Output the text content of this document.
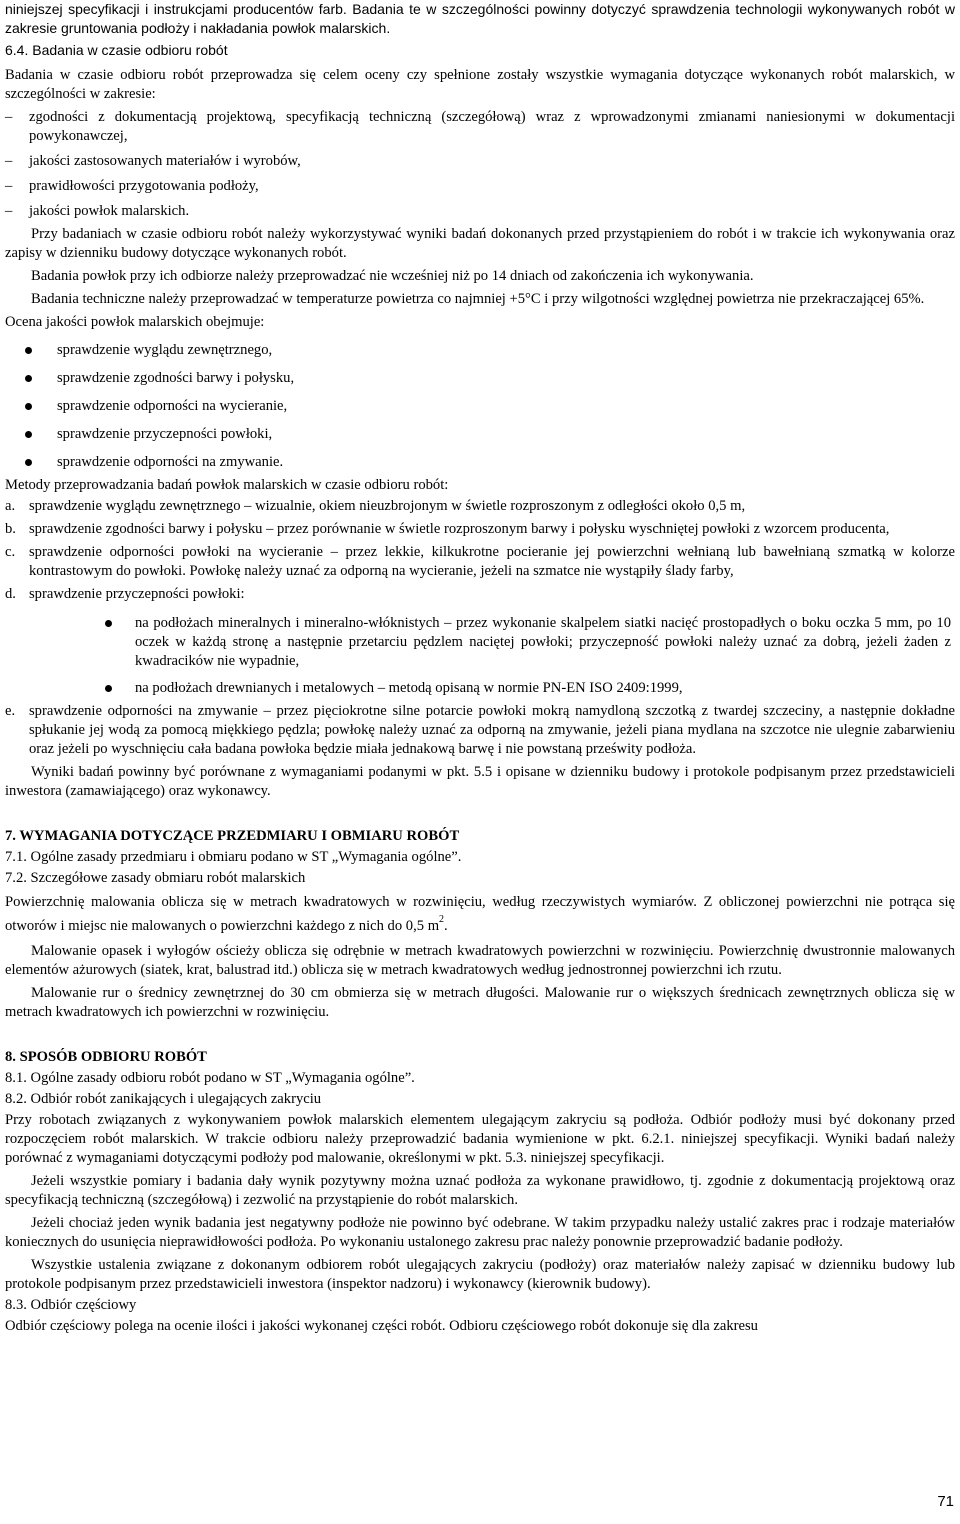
niniejszej specyfikacji i instrukcjami producentów farb. Badania te w szczególności powinny dotyczyć sprawdzenia technologii wykonywanych robót w zakresie gruntowania podłoży i nakładania powłok malarskich.

6.4. Badania w czasie odbioru robót

Badania w czasie odbioru robót przeprowadza się celem oceny czy spełnione zostały wszystkie wymagania dotyczące wykonanych robót malarskich, w szczególności w zakresie:

–	zgodności z dokumentacją projektową, specyfikacją techniczną (szczegółową) wraz z wprowadzonymi zmianami naniesionymi w dokumentacji powykonawczej,

–	jakości zastosowanych materiałów i wyrobów,

–	prawidłowości przygotowania podłoży,

–	jakości powłok malarskich.

Przy badaniach w czasie odbioru robót należy wykorzystywać wyniki badań dokonanych przed przystąpieniem do robót i w trakcie ich wykonywania oraz zapisy w dzienniku budowy dotyczące wykonanych robót.

Badania powłok przy ich odbiorze należy przeprowadzać nie wcześniej niż po 14 dniach od zakończenia ich wykonywania.

Badania techniczne należy przeprowadzać w temperaturze powietrza co najmniej +5°C i przy wilgotności względnej powietrza nie przekraczającej 65%.

Ocena jakości powłok malarskich obejmuje:

sprawdzenie wyglądu zewnętrznego,

sprawdzenie zgodności barwy i połysku,

sprawdzenie odporności na wycieranie,

sprawdzenie przyczepności powłoki,

sprawdzenie odporności na zmywanie.

Metody przeprowadzania badań powłok malarskich w czasie odbioru robót:

a. sprawdzenie wyglądu zewnętrznego – wizualnie, okiem nieuzbrojonym w świetle rozproszonym z odległości około 0,5 m,

b. sprawdzenie zgodności barwy i połysku – przez porównanie w świetle rozproszonym barwy i połysku wyschniętej powłoki z wzorcem producenta,

c. sprawdzenie odporności powłoki na wycieranie – przez lekkie, kilkukrotne pocieranie jej powierzchni wełnianą lub bawełnianą szmatką w kolorze kontrastowym do powłoki. Powłokę należy uznać za odporną na wycieranie, jeżeli na szmatce nie wystąpiły ślady farby,

d. sprawdzenie przyczepności powłoki:

na podłożach mineralnych i mineralno-włóknistych – przez wykonanie skalpelem siatki nacięć prostopadłych o boku oczka 5 mm, po 10 oczek w każdą stronę a następnie przetarciu pędzlem naciętej powłoki; przyczepność powłoki należy uznać za dobrą, jeżeli żaden z kwadracików nie wypadnie,

na podłożach drewnianych i metalowych – metodą opisaną w normie PN-EN ISO 2409:1999,

e. sprawdzenie odporności na zmywanie – przez pięciokrotne silne potarcie powłoki mokrą namydloną szczotką z twardej szczeciny, a następnie dokładne spłukanie jej wodą za pomocą miękkiego pędzla; powłokę należy uznać za odporną na zmywanie, jeżeli piana mydlana na szczotce nie ulegnie zabarwieniu oraz jeżeli po wyschnięciu cała badana powłoka będzie miała jednakową barwę i nie powstaną prześwity podłoża.

Wyniki badań powinny być porównane z wymaganiami podanymi w pkt. 5.5 i opisane w dzienniku budowy i protokole podpisanym przez przedstawicieli inwestora (zamawiającego) oraz wykonawcy.

7. WYMAGANIA DOTYCZĄCE PRZEDMIARU I OBMIARU ROBÓT

7.1. Ogólne zasady przedmiaru i obmiaru podano w ST „Wymagania ogólne”.

7.2. Szczegółowe zasady obmiaru robót malarskich

Powierzchnię malowania oblicza się w metrach kwadratowych w rozwinięciu, według rzeczywistych wymiarów. Z obliczonej powierzchni nie potrąca się otworów i miejsc nie malowanych o powierzchni każdego z nich do 0,5 $m^2$.

Malowanie opasek i wyłogów ościeży oblicza się odrębnie w metrach kwadratowych powierzchni w rozwinięciu. Powierzchnię dwustronnie malowanych elementów ażurowych (siatek, krat, balustrad itd.) oblicza się w metrach kwadratowych według jednostronnej powierzchni ich rzutu.

Malowanie rur o średnicy zewnętrznej do 30 cm obmierza się w metrach długości. Malowanie rur o większych średnicach zewnętrznych oblicza się w metrach kwadratowych ich powierzchni w rozwinięciu.

8. SPOSÓB ODBIORU ROBÓT

8.1. Ogólne zasady odbioru robót podano w ST „Wymagania ogólne”.

8.2. Odbiór robót zanikających i ulegających zakryciu

Przy robotach związanych z wykonywaniem powłok malarskich elementem ulegającym zakryciu są podłoża. Odbiór podłoży musi być dokonany przed rozpoczęciem robót malarskich. W trakcie odbioru należy przeprowadzić badania wymienione w pkt. 6.2.1. niniejszej specyfikacji. Wyniki badań należy porównać z wymaganiami dotyczącymi podłoży pod malowanie, określonymi w pkt. 5.3. niniejszej specyfikacji.

Jeżeli wszystkie pomiary i badania dały wynik pozytywny można uznać podłoża za wykonane prawidłowo, tj. zgodnie z dokumentacją projektową oraz specyfikacją techniczną (szczegółową) i zezwolić na przystąpienie do robót malarskich.

Jeżeli chociaż jeden wynik badania jest negatywny podłoże nie powinno być odebrane. W takim przypadku należy ustalić zakres prac i rodzaje materiałów koniecznych do usunięcia nieprawidłowości podłoża. Po wykonaniu ustalonego zakresu prac należy ponownie przeprowadzić badanie podłoży.

Wszystkie ustalenia związane z dokonanym odbiorem robót ulegających zakryciu (podłoży) oraz materiałów należy zapisać w dzienniku budowy lub protokole podpisanym przez przedstawicieli inwestora (inspektor nadzoru) i wykonawcy (kierownik budowy).

8.3. Odbiór częściowy

Odbiór częściowy polega na ocenie ilości i jakości wykonanej części robót. Odbioru częściowego robót dokonuje się dla zakresu

71
